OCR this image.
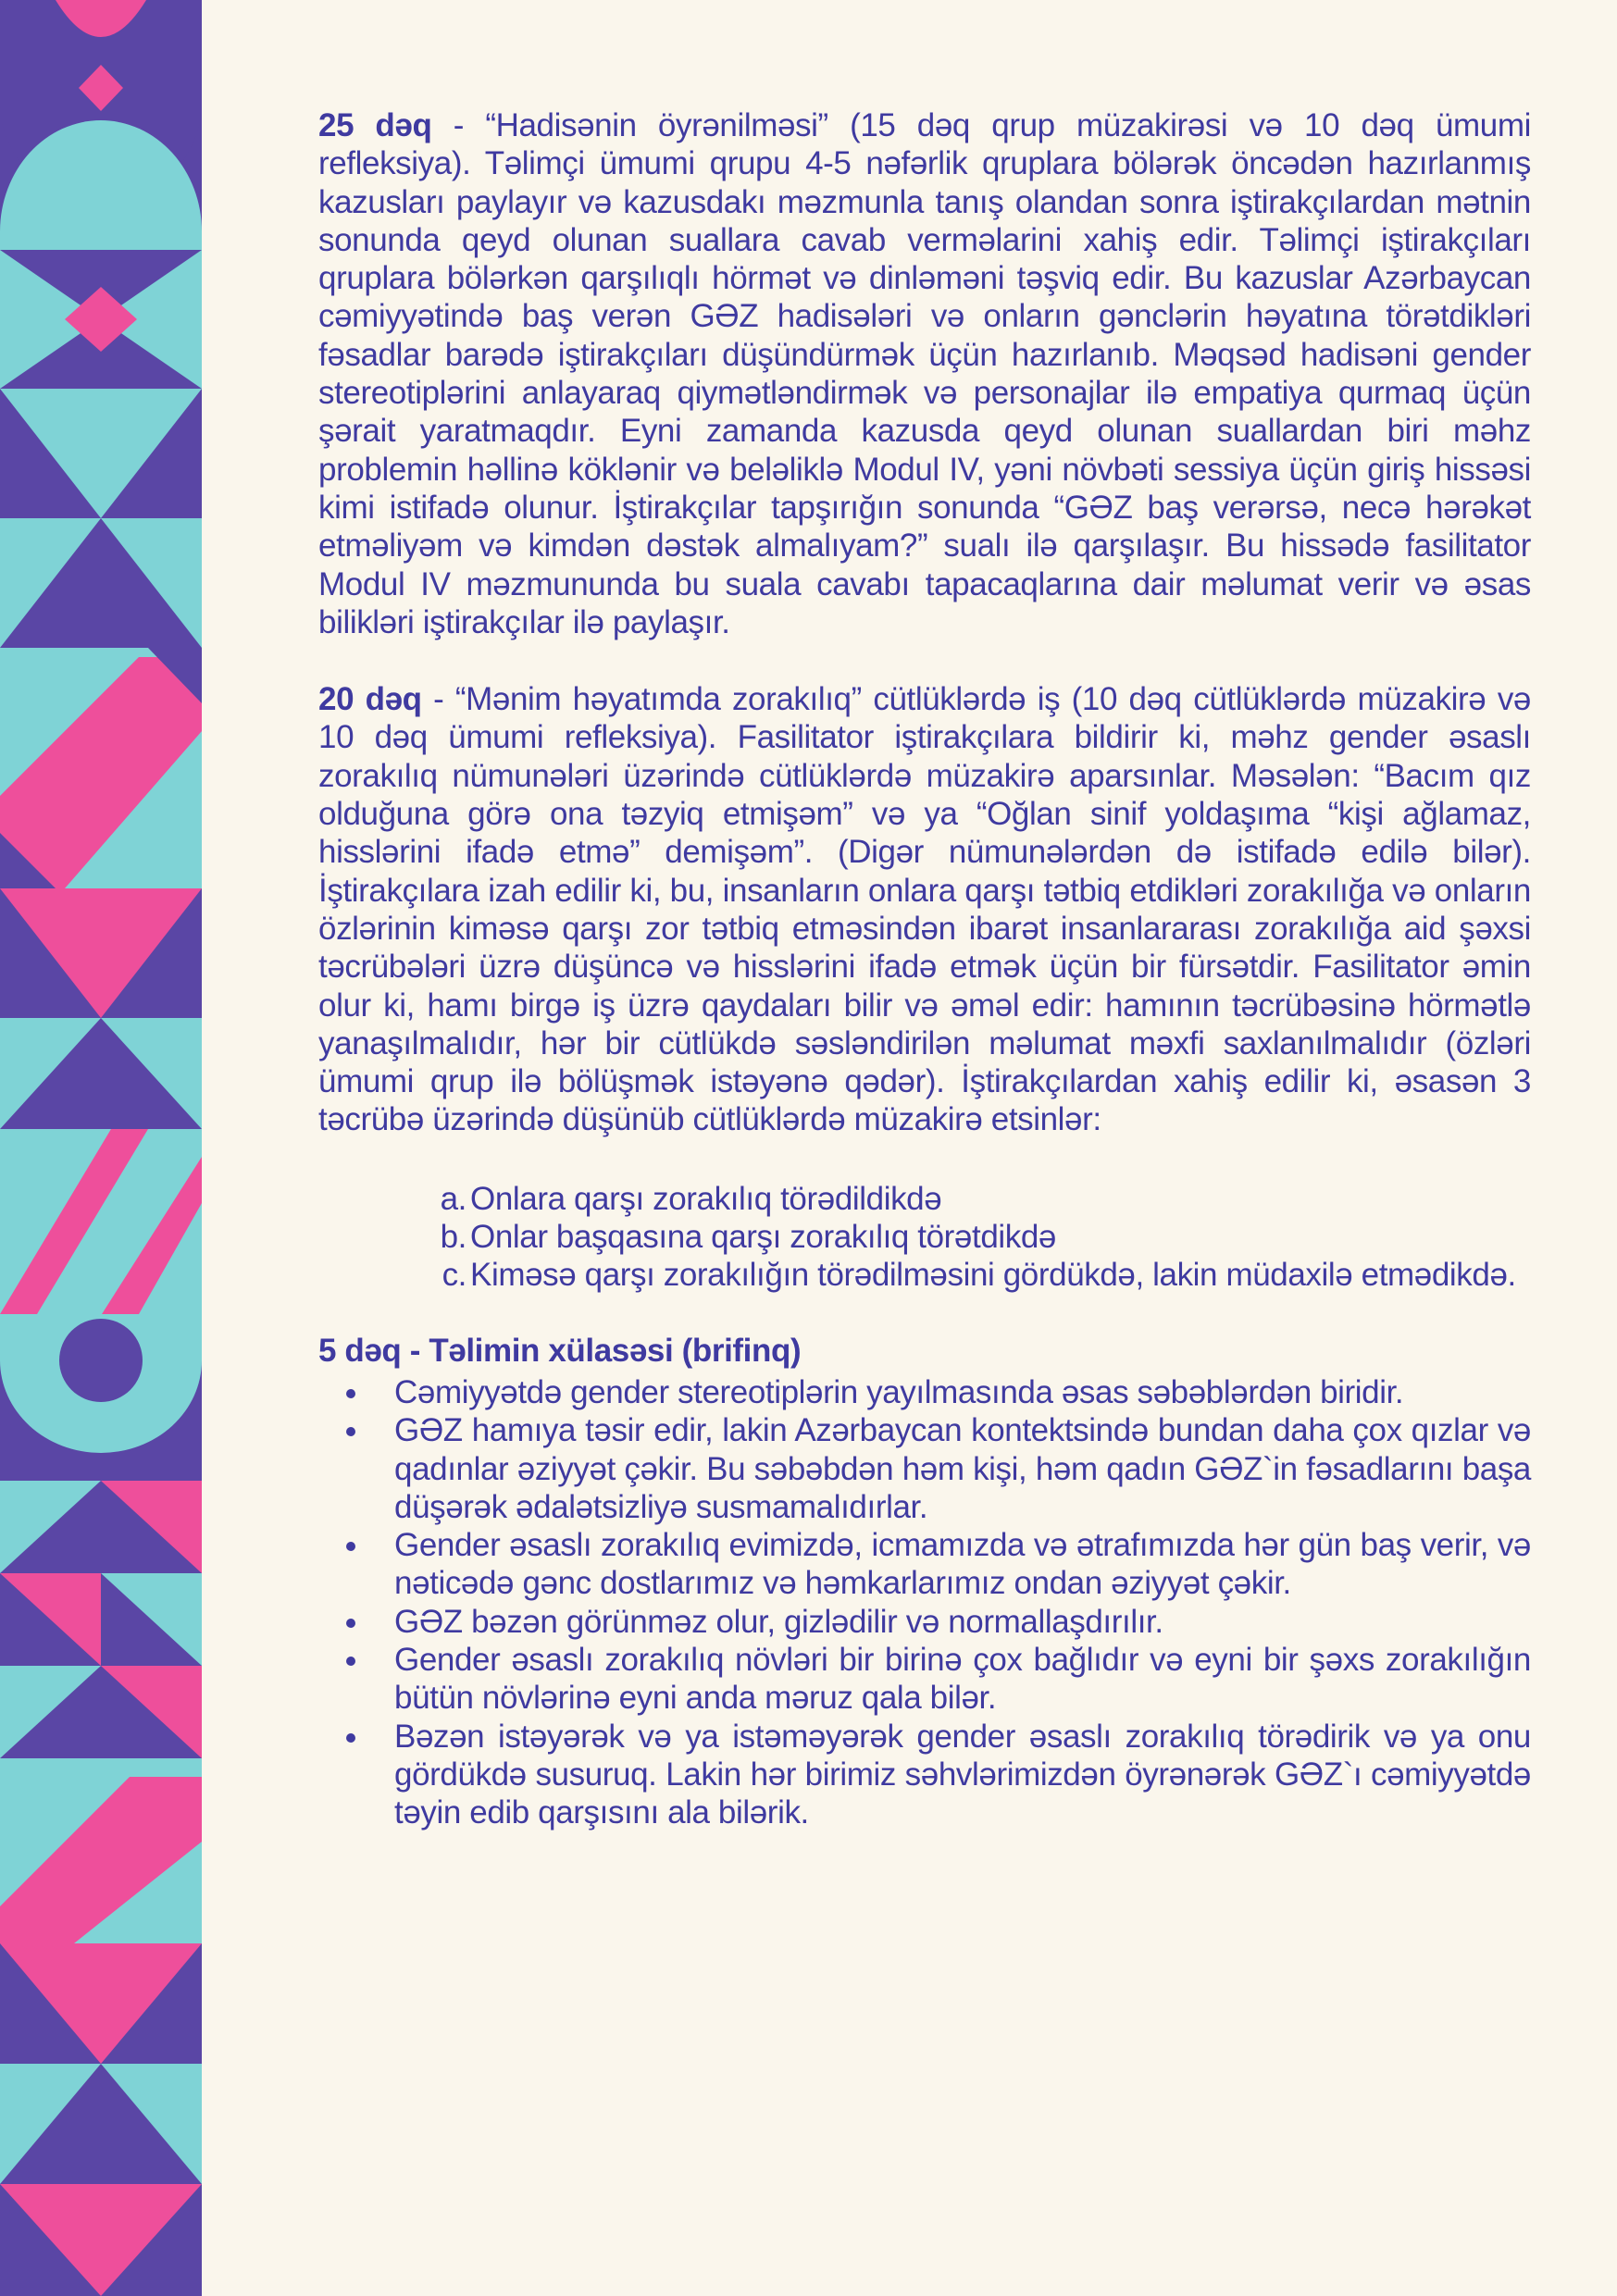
25 dəq - “Hadisənin öyrənilməsi” (15 dəq qrup müzakirəsi və 10 dəq ümumi refleksiya). Təlimçi ümumi qrupu 4-5 nəfərlik qruplara bölərək öncədən hazırlanmış kazusları paylayır və kazusdakı məzmunla tanış olandan sonra iştirakçılardan mətnin sonunda qeyd olunan suallara cavab verməlarini xahiş edir. Təlimçi iştirakçıları qruplara bölərkən qarşılıqlı hörmət və dinləməni təşviq edir. Bu kazuslar Azərbaycan cəmiyyətində baş verən GƏZ hadisələri və onların gənclərin həyatına törətdikləri fəsadlar barədə iştirakçıları düşündürmək üçün hazırlanıb. Məqsəd hadisəni gender stereotiplərini anlayaraq qiymətləndirmək və personajlar ilə empatiya qurmaq üçün şərait yaratmaqdır. Eyni zamanda kazusda qeyd olunan suallardan biri məhz problemin həllinə köklənir və beləliklə Modul IV, yəni növbəti sessiya üçün giriş hissəsi kimi istifadə olunur. İştirakçılar tapşırığın sonunda “GƏZ baş verərsə, necə hərəkət etməliyəm və kimdən dəstək almalıyam?” sualı ilə qarşılaşır. Bu hissədə fasilitator Modul IV məzmununda bu suala cavabı tapacaqlarına dair məlumat verir və əsas bilikləri iştirakçılar ilə paylaşır.

20 dəq - “Mənim həyatımda zorakılıq” cütlüklərdə iş (10 dəq cütlüklərdə müzakirə və 10 dəq ümumi refleksiya). Fasilitator iştirakçılara bildirir ki, məhz gender əsaslı zorakılıq nümunələri üzərində cütlüklərdə müzakirə aparsınlar. Məsələn: “Bacım qız olduğuna görə ona təzyiq etmişəm” və ya “Oğlan sinif yoldaşıma “kişi ağlamaz, hisslərini ifadə etmə” demişəm”. (Digər nümunələrdən də istifadə edilə bilər). İştirakçılara izah edilir ki, bu, insanların onlara qarşı tətbiq etdikləri zorakılığa və onların özlərinin kiməsə qarşı zor tətbiq etməsindən ibarət insanlararası zorakılığa aid şəxsi təcrübələri üzrə düşüncə və hisslərini ifadə etmək üçün bir fürsətdir. Fasilitator əmin olur ki, hamı birgə iş üzrə qaydaları bilir və əməl edir: hamının təcrübəsinə hörmətlə yanaşılmalıdır, hər bir cütlükdə səsləndirilən məlumat məxfi saxlanılmalıdır (özləri ümumi qrup ilə bölüşmək istəyənə qədər). İştirakçılardan xahiş edilir ki, əsasən 3 təcrübə üzərində düşünüb cütlüklərdə müzakirə etsinlər:

a. Onlara qarşı zorakılıq törədildikdə
b. Onlar başqasına qarşı zorakılıq törətdikdə
c. Kiməsə qarşı zorakılığın törədilməsini gördükdə, lakin müdaxilə etmədikdə.

5 dəq - Təlimin xülasəsi (brifinq)

Cəmiyyətdə gender stereotiplərin yayılmasında əsas səbəblərdən biridir.
GƏZ hamıya təsir edir, lakin Azərbaycan kontektsində bundan daha çox qızlar və qadınlar əziyyət çəkir. Bu səbəbdən həm kişi, həm qadın GƏZ`in fəsadlarını başa düşərək ədalətsizliyə susmamalıdırlar.
Gender əsaslı zorakılıq evimizdə, icmamızda və ətrafımızda hər gün baş verir, və nəticədə gənc dostlarımız və həmkarlarımız ondan əziyyət çəkir.
GƏZ bəzən görünməz olur, gizlədilir və normallaşdırılır.
Gender əsaslı zorakılıq növləri bir birinə çox bağlıdır və eyni bir şəxs zorakılığın bütün növlərinə eyni anda məruz qala bilər.
Bəzən istəyərək və ya istəməyərək gender əsaslı zorakılıq törədirik və ya onu gördükdə susuruq. Lakin hər birimiz səhvlərimizdən öyrənərək GƏZ`ı cəmiyyətdə təyin edib qarşısını ala bilərik.
